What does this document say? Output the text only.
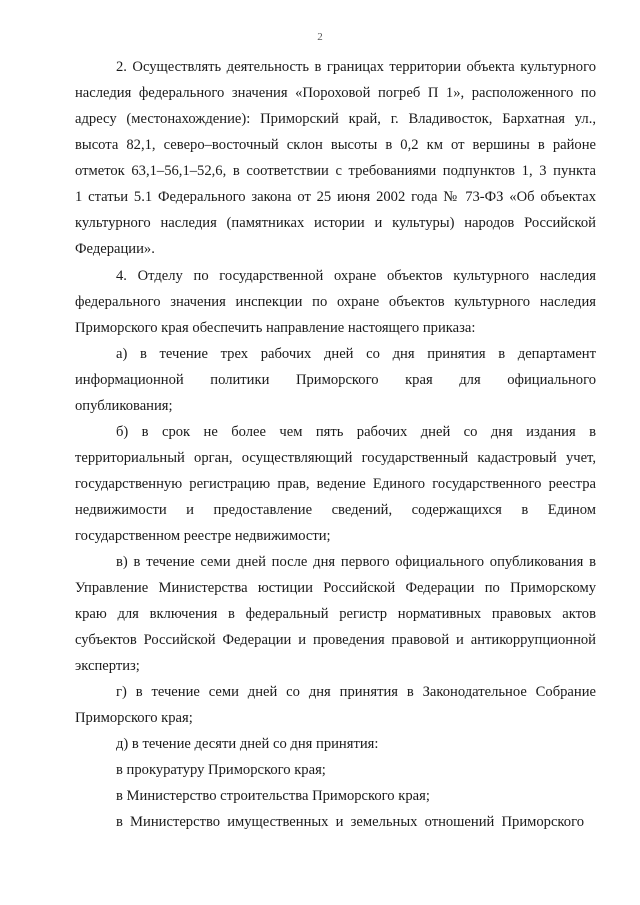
2
2. Осуществлять деятельность в границах территории объекта культурного
наследия федерального значения «Пороховой погреб П 1», расположенного по
адресу (местонахождение): Приморский край, г. Владивосток, Бархатная ул.,
высота 82,1, северо–восточный склон высоты в 0,2 км от вершины в районе
отметок 63,1–56,1–52,6, в соответствии с требованиями подпунктов 1, 3 пункта
1 статьи 5.1 Федерального закона от 25 июня 2002 года № 73-ФЗ «Об объектах
культурного наследия (памятниках истории и культуры) народов Российской
Федерации».
4. Отделу по государственной охране объектов культурного наследия
федерального значения инспекции по охране объектов культурного наследия
Приморского края обеспечить направление настоящего приказа:
а) в течение трех рабочих дней со дня принятия в департамент
информационной политики Приморского края для официального
опубликования;
б) в срок не более чем пять рабочих дней со дня издания в
территориальный орган, осуществляющий государственный кадастровый учет,
государственную регистрацию прав, ведение Единого государственного реестра
недвижимости и предоставление сведений, содержащихся в Едином
государственном реестре недвижимости;
в) в течение семи дней после дня первого официального опубликования в
Управление Министерства юстиции Российской Федерации по Приморскому
краю для включения в федеральный регистр нормативных правовых актов
субъектов Российской Федерации и проведения правовой и антикоррупционной
экспертиз;
г) в течение семи дней со дня принятия в Законодательное Собрание
Приморского края;
д) в течение десяти дней со дня принятия:
в прокуратуру Приморского края;
в Министерство строительства Приморского края;
в Министерство имущественных и земельных отношений Приморского
